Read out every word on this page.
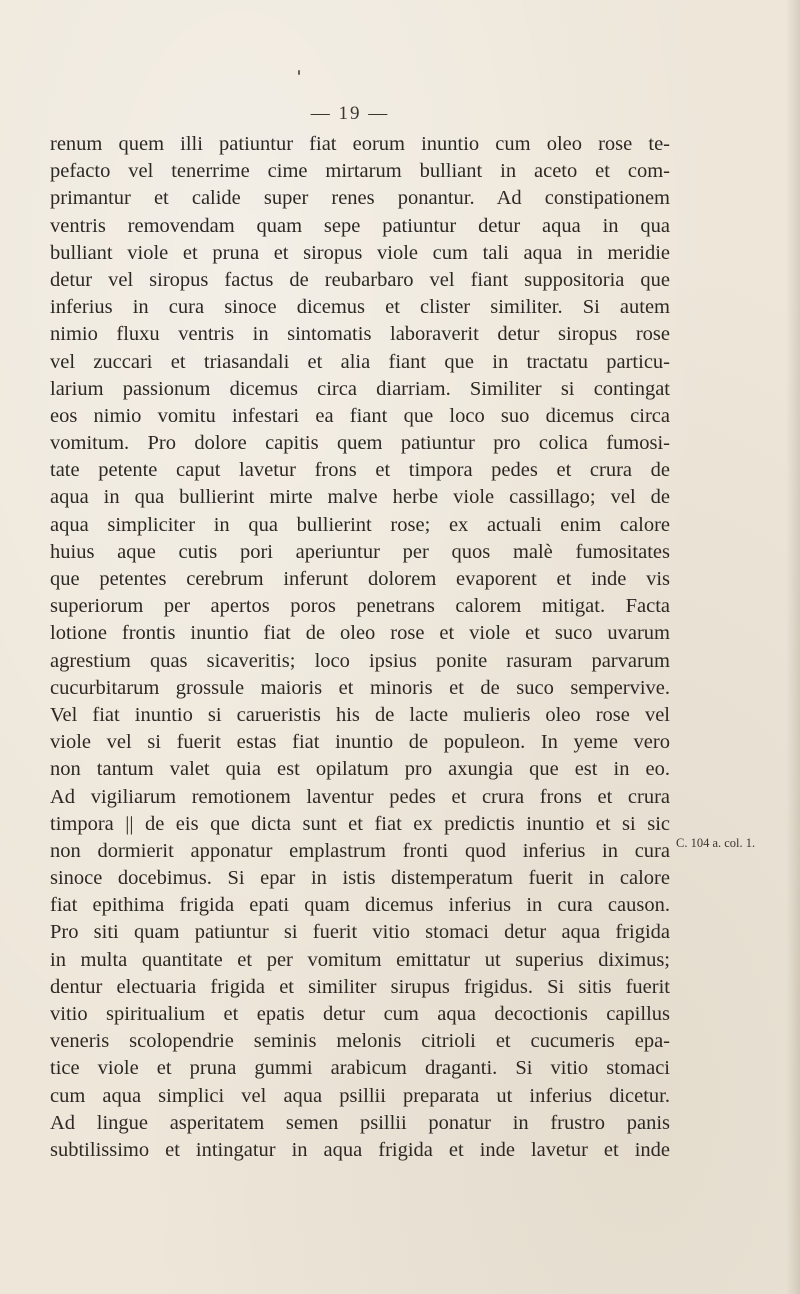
— 19 —
renum quem illi patiuntur fiat eorum inuntio cum oleo rose te-
pefacto vel tenerrime cime mirtarum bulliant in aceto et com-
primantur et calide super renes ponantur. Ad constipationem
ventris removendam quam sepe patiuntur detur aqua in qua
bulliant viole et pruna et siropus viole cum tali aqua in meridie
detur vel siropus factus de reubarbaro vel fiant suppositoria que
inferius in cura sinoce dicemus et clister similiter. Si autem
nimio fluxu ventris in sintomatis laboraverit detur siropus rose
vel zuccari et triasandali et alia fiant que in tractatu particu-
larium passionum dicemus circa diarriam. Similiter si contingat
eos nimio vomitu infestari ea fiant que loco suo dicemus circa
vomitum. Pro dolore capitis quem patiuntur pro colica fumosi-
tate petente caput lavetur frons et timpora pedes et crura de
aqua in qua bullierint mirte malve herbe viole cassillago; vel de
aqua simpliciter in qua bullierint rose; ex actuali enim calore
huius aque cutis pori aperiuntur per quos malè fumositates
que petentes cerebrum inferunt dolorem evaporent et inde vis
superiorum per apertos poros penetrans calorem mitigat. Facta
lotione frontis inuntio fiat de oleo rose et viole et suco uvarum
agrestium quas sicaveritis; loco ipsius ponite rasuram parvarum
cucurbitarum grossule maioris et minoris et de suco sempervive.
Vel fiat inuntio si carueristis his de lacte mulieris oleo rose vel
viole vel si fuerit estas fiat inuntio de populeon. In yeme vero
non tantum valet quia est opilatum pro axungia que est in eo.
Ad vigiliarum remotionem laventur pedes et crura frons et crura
timpora || de eis que dicta sunt et fiat ex predictis inuntio et si sic
non dormierit apponatur emplastrum fronti quod inferius in cura
sinoce docebimus. Si epar in istis distemperatum fuerit in calore
fiat epithima frigida epati quam dicemus inferius in cura causon.
Pro siti quam patiuntur si fuerit vitio stomaci detur aqua frigida
in multa quantitate et per vomitum emittatur ut superius diximus;
dentur electuaria frigida et similiter sirupus frigidus. Si sitis fuerit
vitio spiritualium et epatis detur cum aqua decoctionis capillus
veneris scolopendrie seminis melonis citrioli et cucumeris epa-
tice viole et pruna gummi arabicum draganti. Si vitio stomaci
cum aqua simplici vel aqua psillii preparata ut inferius dicetur.
Ad lingue asperitatem semen psillii ponatur in frustro panis
subtilissimo et intingatur in aqua frigida et inde lavetur et inde
C. 104 a. col. 1.
